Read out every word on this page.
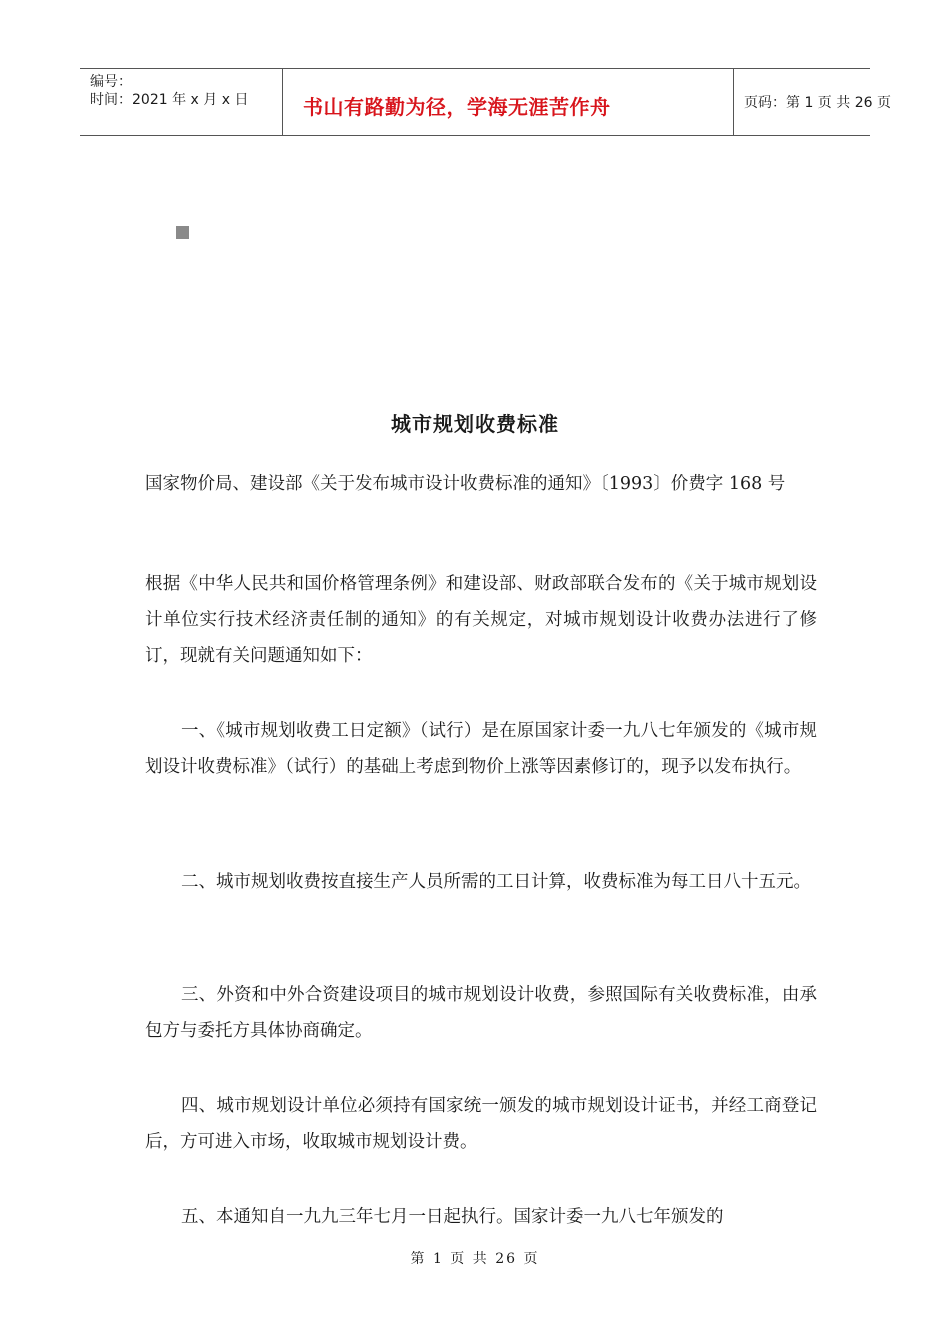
编号：
时间：2021 年 x 月 x 日	书山有路勤为径，学海无涯苦作舟	页码：第 1 页 共 26 页
城市规划收费标准

国家物价局、建设部《关于发布城市设计收费标准的通知》〔1993〕价费字 168 号

根据《中华人民共和国价格管理条例》和建设部、财政部联合发布的《关于城市规划设计单位实行技术经济责任制的通知》的有关规定，对城市规划设计收费办法进行了修订，现就有关问题通知如下：

一、《城市规划收费工日定额》（试行）是在原国家计委一九八七年颁发的《城市规划设计收费标准》（试行）的基础上考虑到物价上涨等因素修订的，现予以发布执行。

二、城市规划收费按直接生产人员所需的工日计算，收费标准为每工日八十五元。

三、外资和中外合资建设项目的城市规划设计收费，参照国际有关收费标准，由承包方与委托方具体协商确定。

四、城市规划设计单位必须持有国家统一颁发的城市规划设计证书，并经工商登记后，方可进入市场，收取城市规划设计费。

五、本通知自一九九三年七月一日起执行。国家计委一九八七年颁发的

第 1 页 共 26 页
